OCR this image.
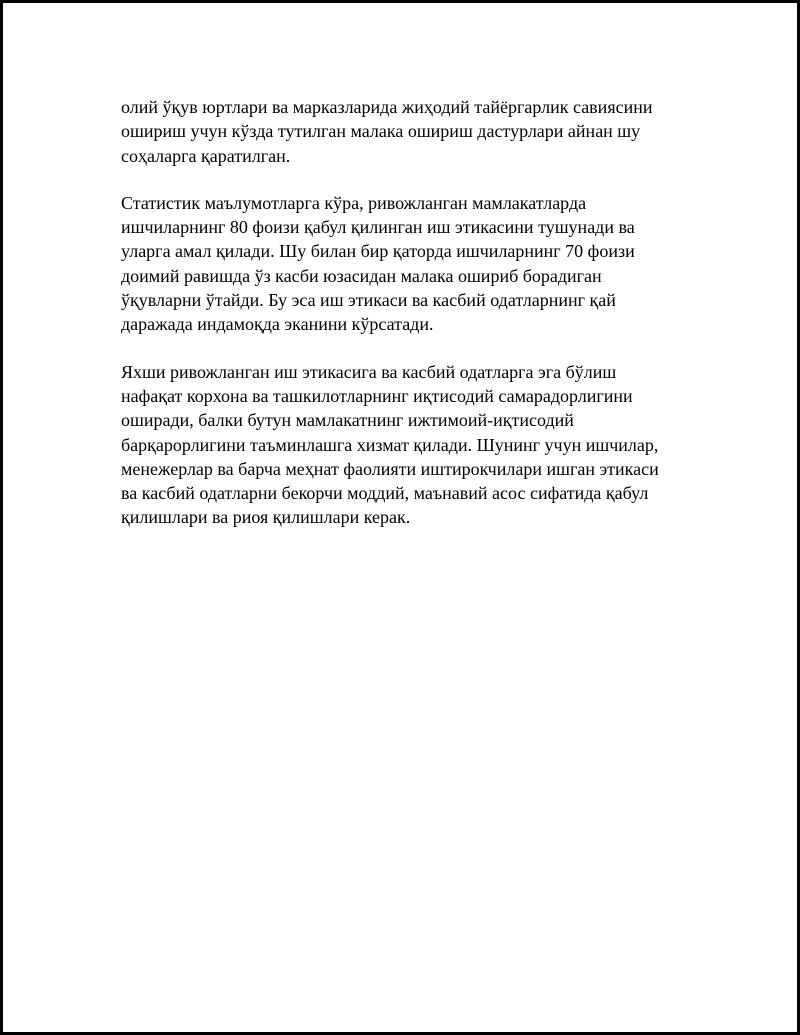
олий ўқув юртлари ва марказларида жиҳодий тайёргарлик савиясини
ошириш учун кўзда тутилган малака ошириш дастурлари айнан шу
соҳаларга қаратилган.

Статистик маълумотларга кўра, ривожланган мамлакатларда
ишчиларнинг 80 фоизи қабул қилинган иш этикасини тушунади ва
уларга амал қилади. Шу билан бир қаторда ишчиларнинг 70 фоизи
доимий равишда ўз касби юзасидан малака ошириб борадиган
ўқувларни ўтайди. Бу эса иш этикаси ва касбий одатларнинг қай
даражада индамоқда эканини кўрсатади.

Яхши ривожланган иш этикасига ва касбий одатларга эга бўлиш
нафақат корхона ва ташкилотларнинг иқтисодий самарадорлигини
оширади, балки бутун мамлакатнинг ижтимоий-иқтисодий
барқарорлигини таъминлашга хизмат қилади. Шунинг учун ишчилар,
менежерлар ва барча меҳнат фаолияти иштирокчилари ишган этикаси
ва касбий одатларни бекорчи моддий, маънавий асос сифатида қабул
қилишлари ва риоя қилишлари керак.
